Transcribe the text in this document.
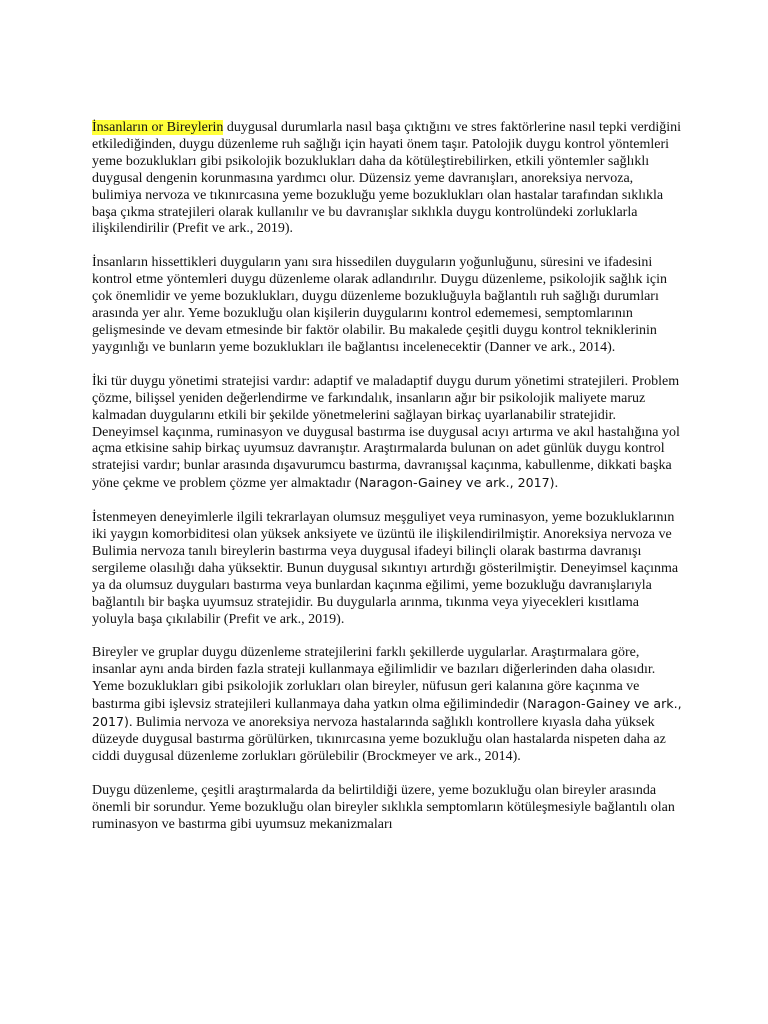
İnsanların or Bireylerin duygusal durumlarla nasıl başa çıktığını ve stres faktörlerine nasıl tepki verdiğini etkilediğinden, duygu düzenleme ruh sağlığı için hayati önem taşır. Patolojik duygu kontrol yöntemleri yeme bozuklukları gibi psikolojik bozuklukları daha da kötüleştirebilirken, etkili yöntemler sağlıklı duygusal dengenin korunmasına yardımcı olur. Düzensiz yeme davranışları, anoreksiya nervoza, bulimiya nervoza ve tıkınırcasına yeme bozukluğu yeme bozuklukları olan hastalar tarafından sıklıkla başa çıkma stratejileri olarak kullanılır ve bu davranışlar sıklıkla duygu kontrolündeki zorluklarla ilişkilendirilir (Prefit ve ark., 2019).

İnsanların hissettikleri duyguların yanı sıra hissedilen duyguların yoğunluğunu, süresini ve ifadesini kontrol etme yöntemleri duygu düzenleme olarak adlandırılır. Duygu düzenleme, psikolojik sağlık için çok önemlidir ve yeme bozuklukları, duygu düzenleme bozukluğuyla bağlantılı ruh sağlığı durumları arasında yer alır. Yeme bozukluğu olan kişilerin duygularını kontrol edememesi, semptomlarının gelişmesinde ve devam etmesinde bir faktör olabilir. Bu makalede çeşitli duygu kontrol tekniklerinin yaygınlığı ve bunların yeme bozuklukları ile bağlantısı incelenecektir (Danner ve ark., 2014).

İki tür duygu yönetimi stratejisi vardır: adaptif ve maladaptif duygu durum yönetimi stratejileri. Problem çözme, bilişsel yeniden değerlendirme ve farkındalık, insanların ağır bir psikolojik maliyete maruz kalmadan duygularını etkili bir şekilde yönetmelerini sağlayan birkaç uyarlanabilir stratejidir. Deneyimsel kaçınma, ruminasyon ve duygusal bastırma ise duygusal acıyı artırma ve akıl hastalığına yol açma etkisine sahip birkaç uyumsuz davranıştır. Araştırmalarda bulunan on adet günlük duygu kontrol stratejisi vardır; bunlar arasında dışavurumcu bastırma, davranışsal kaçınma, kabullenme, dikkati başka yöne çekme ve problem çözme yer almaktadır (Naragon-Gainey ve ark., 2017).

İstenmeyen deneyimlerle ilgili tekrarlayan olumsuz meşguliyet veya ruminasyon, yeme bozukluklarının iki yaygın komorbiditesi olan yüksek anksiyete ve üzüntü ile ilişkilendirilmiştir. Anoreksiya nervoza ve Bulimia nervoza tanılı bireylerin bastırma veya duygusal ifadeyi bilinçli olarak bastırma davranışı sergileme olasılığı daha yüksektir. Bunun duygusal sıkıntıyı artırdığı gösterilmiştir. Deneyimsel kaçınma ya da olumsuz duyguları bastırma veya bunlardan kaçınma eğilimi, yeme bozukluğu davranışlarıyla bağlantılı bir başka uyumsuz stratejidir. Bu duygularla arınma, tıkınma veya yiyecekleri kısıtlama yoluyla başa çıkılabilir (Prefit ve ark., 2019).

Bireyler ve gruplar duygu düzenleme stratejilerini farklı şekillerde uygularlar. Araştırmalara göre, insanlar aynı anda birden fazla strateji kullanmaya eğilimlidir ve bazıları diğerlerinden daha olasıdır. Yeme bozuklukları gibi psikolojik zorlukları olan bireyler, nüfusun geri kalanına göre kaçınma ve bastırma gibi işlevsiz stratejileri kullanmaya daha yatkın olma eğilimindedir (Naragon-Gainey ve ark., 2017). Bulimia nervoza ve anoreksiya nervoza hastalarında sağlıklı kontrollere kıyasla daha yüksek düzeyde duygusal bastırma görülürken, tıkınırcasına yeme bozukluğu olan hastalarda nispeten daha az ciddi duygusal düzenleme zorlukları görülebilir (Brockmeyer ve ark., 2014).

Duygu düzenleme, çeşitli araştırmalarda da belirtildiği üzere, yeme bozukluğu olan bireyler arasında önemli bir sorundur. Yeme bozukluğu olan bireyler sıklıkla semptomların kötüleşmesiyle bağlantılı olan ruminasyon ve bastırma gibi uyumsuz mekanizmaları
